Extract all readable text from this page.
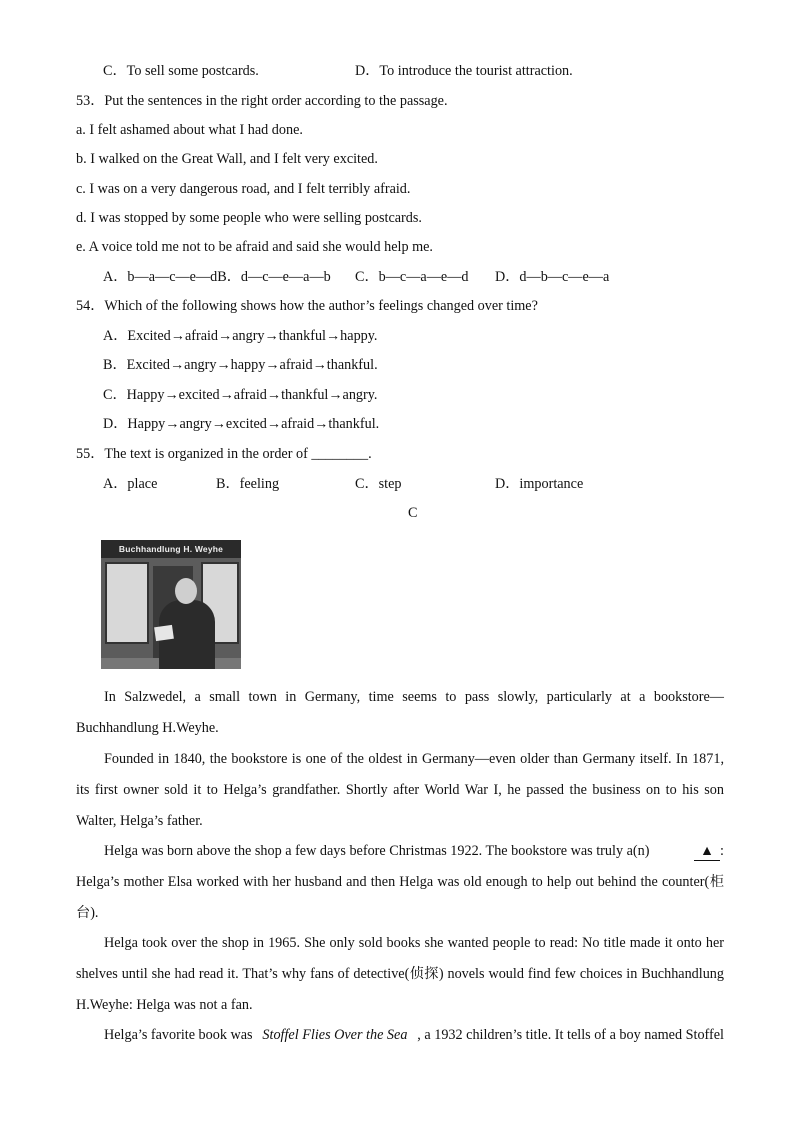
C．To sell some postcards.	D．To introduce the tourist attraction.
53．Put the sentences in the right order according to the passage.
a. I felt ashamed about what I had done.
b. I walked on the Great Wall, and I felt very excited.
c. I was on a very dangerous road, and I felt terribly afraid.
d. I was stopped by some people who were selling postcards.
e. A voice told me not to be afraid and said she would help me.
A．b—a—c—e—dB．d—c—e—a—b C．b—c—a—e—d D．d—b—c—e—a
54．Which of the following shows how the author’s feelings changed over time?
A．Excited→afraid→angry→thankful→happy.
B．Excited→angry→happy→afraid→thankful.
C．Happy→excited→afraid→thankful→angry.
D．Happy→angry→excited→afraid→thankful.
55．The text is organized in the order of ________.
A．place	B．feeling	C．step	D．importance
C
Buchhandlung H. Weyhe
In Salzwedel, a small town in Germany, time seems to pass slowly, particularly at a bookstore—
Buchhandlung H.Weyhe.
Founded in 1840, the bookstore is one of the oldest in Germany—even older than Germany itself. In 1871,
its first owner sold it to Helga’s grandfather. Shortly after World War I, he passed the business on to his son
Walter, Helga’s father.
Helga was born above the shop a few days before Christmas 1922. The bookstore was truly a(n)	▲ :
Helga’s mother Elsa worked with her husband and then Helga was old enough to help out behind the counter(柜
台).
Helga took over the shop in 1965. She only sold books she wanted people to read: No title made it onto her
shelves until she had read it. That’s why fans of detective(侦探) novels would find few choices in Buchhandlung
H.Weyhe: Helga was not a fan.
Helga’s favorite book was Stoffel Flies Over the Sea , a 1932 children’s title. It tells of a boy named Stoffel
